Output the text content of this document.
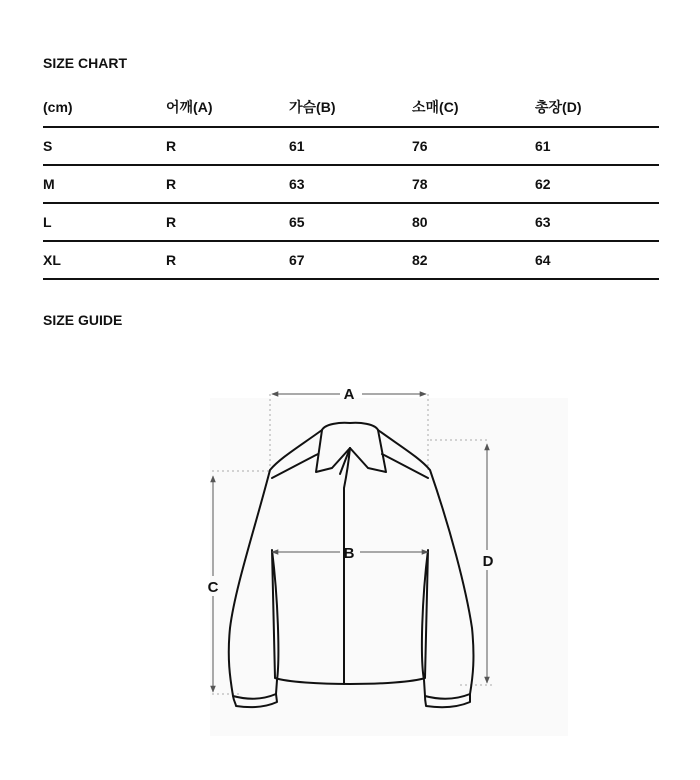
SIZE CHART
(cm)	어깨(A)	가슴(B)	소매(C)	총장(D)
S	R	61	76	61
M	R	63	78	62
L	R	65	80	63
XL	R	67	82	64
SIZE GUIDE
A
B
C
D
